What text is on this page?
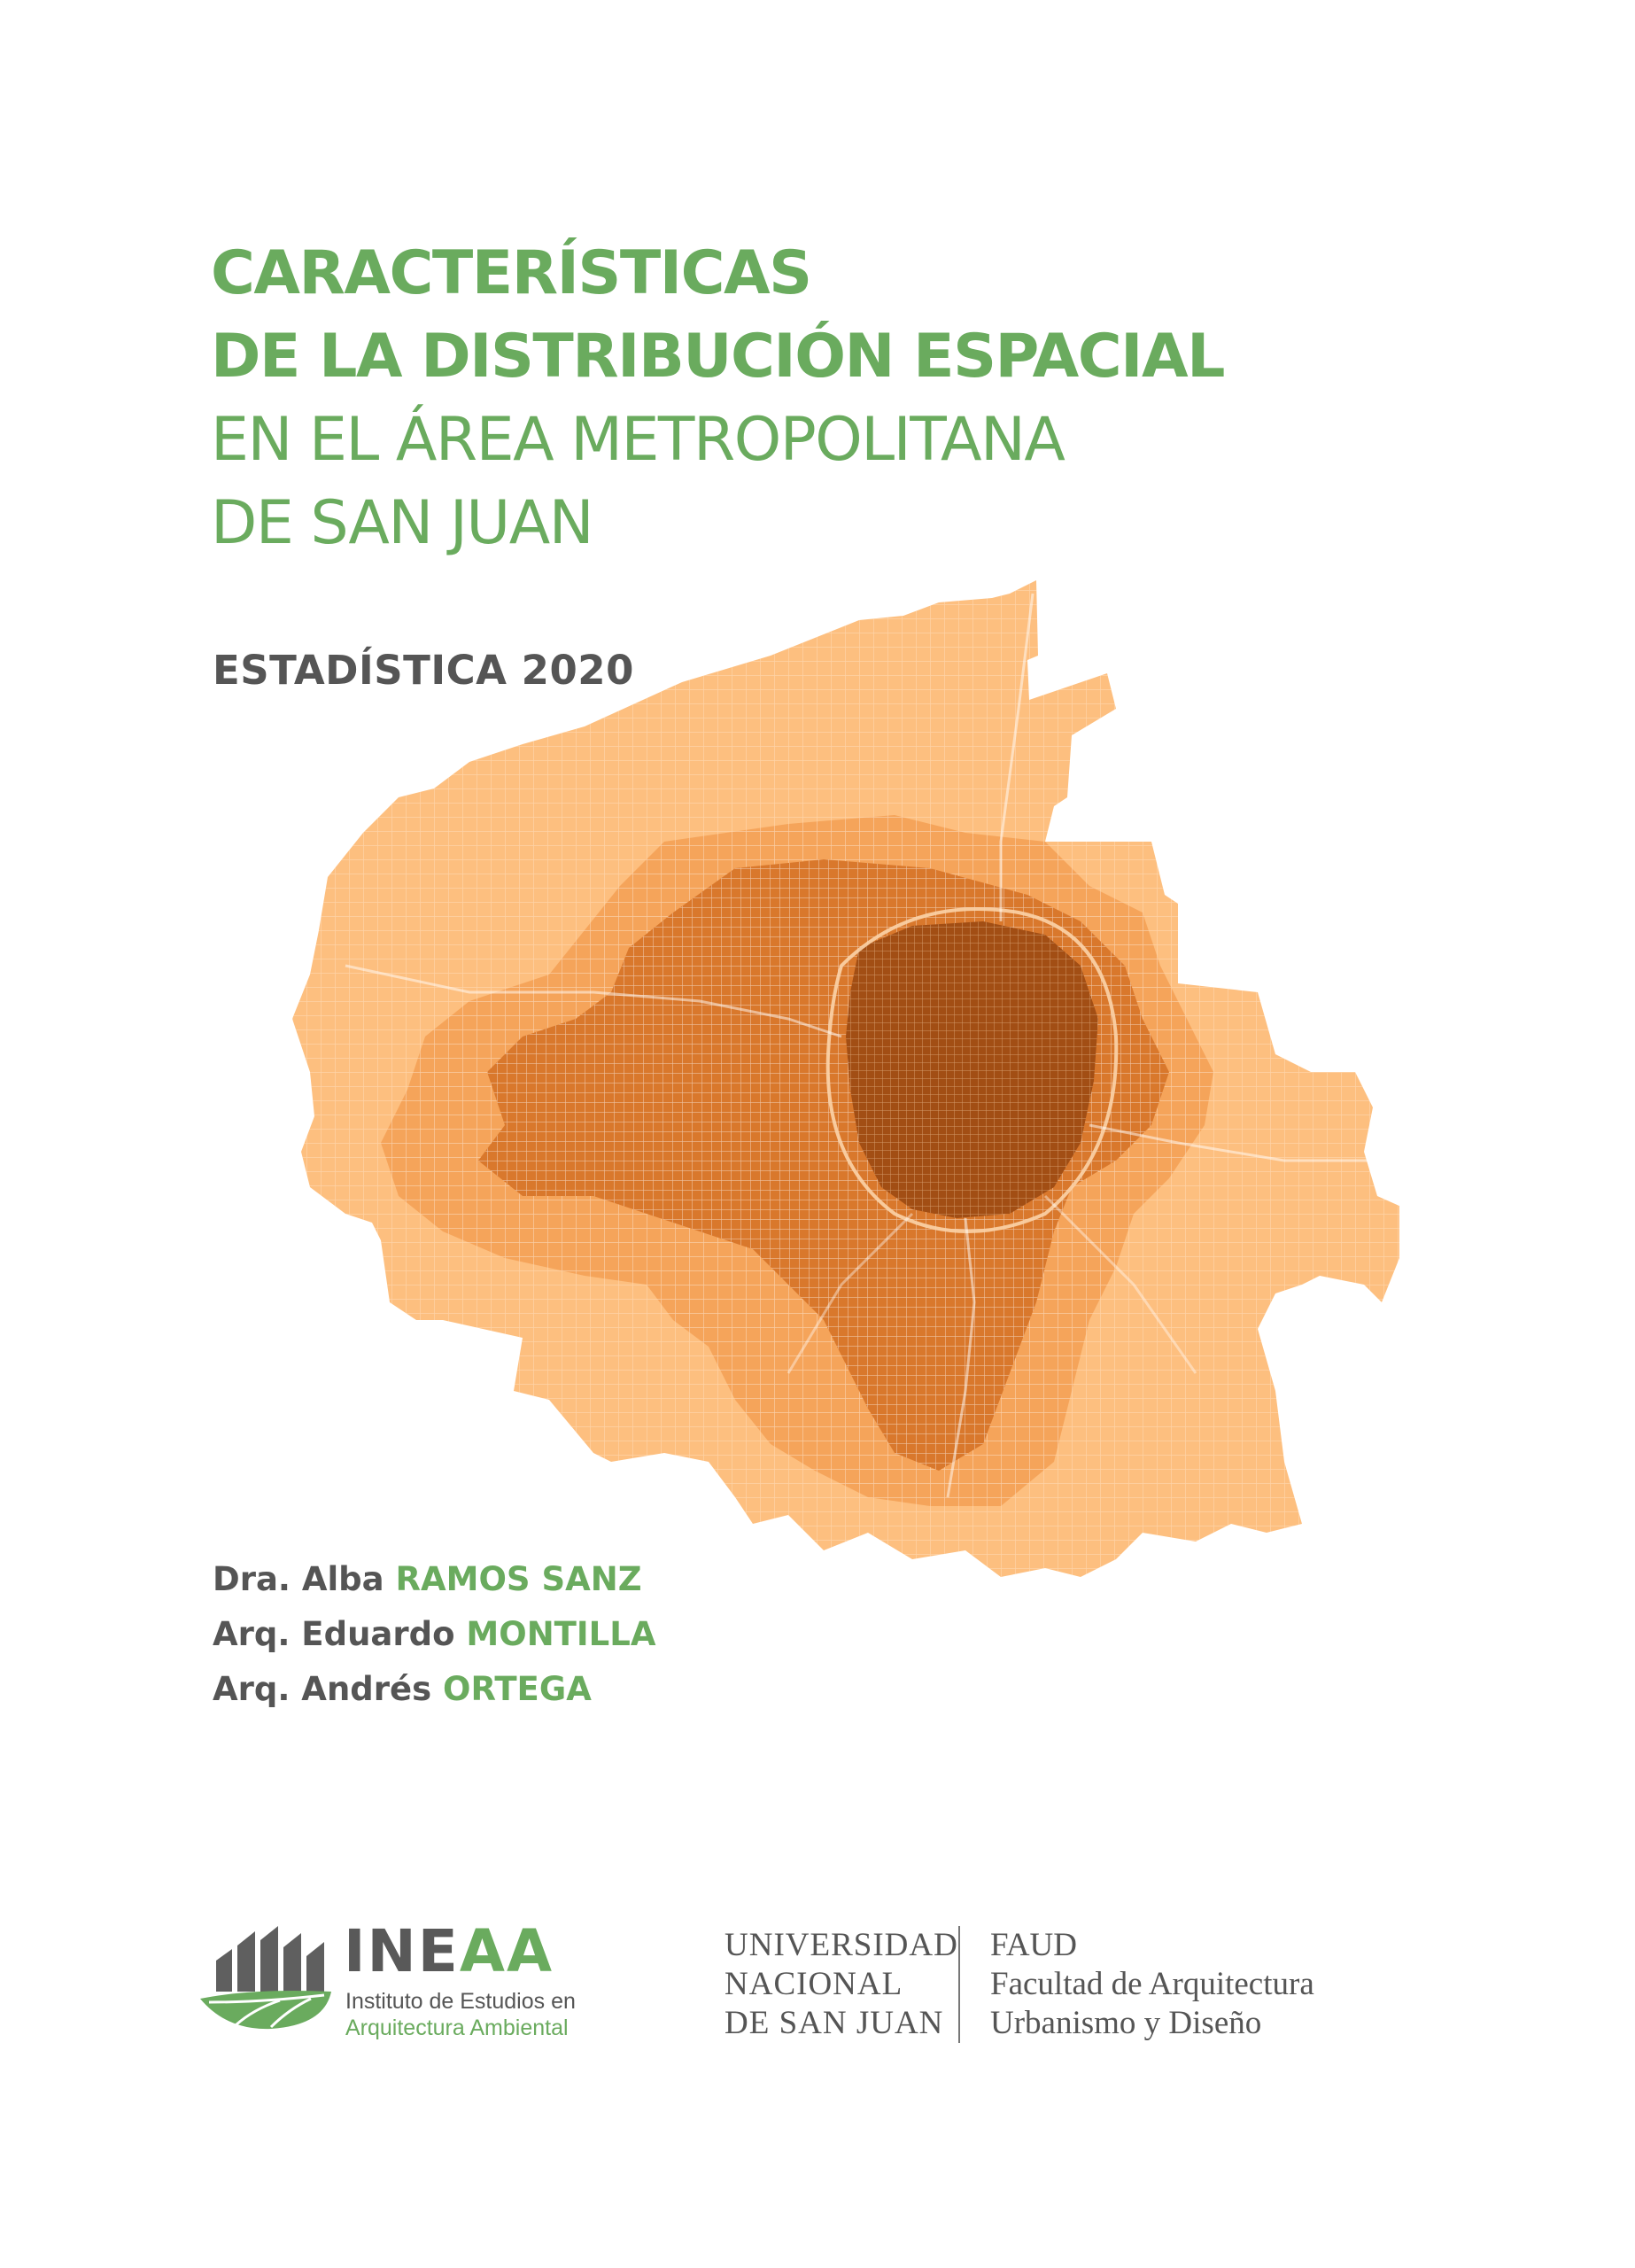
CARACTERÍSTICAS
DE LA DISTRIBUCIÓN ESPACIAL
EN EL ÁREA METROPOLITANA
DE SAN JUAN
ESTADÍSTICA 2020
Dra. Alba RAMOS SANZ
Arq. Eduardo MONTILLA
Arq. Andrés ORTEGA
INEAA
Instituto de Estudios en
Arquitectura Ambiental
UNIVERSIDAD
NACIONAL
DE SAN JUAN
FAUD
Facultad de Arquitectura
Urbanismo y Diseño
